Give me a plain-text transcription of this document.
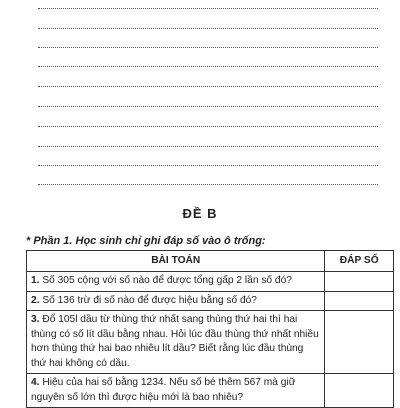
ĐỀ B
* Phần 1. Học sinh chỉ ghi đáp số vào ô trống:
BÀI TOÁN	ĐÁP SỐ
1. Số 305 cộng với số nào để được tổng gấp 2 lần số đó?	
2. Số 136 trừ đi số nào để được hiệu bằng số đó?	
3. Đổ 105l dầu từ thùng thứ nhất sang thùng thứ hai thì hai thùng có số lít dầu bằng nhau. Hỏi lúc đầu thùng thứ nhất nhiều hơn thùng thứ hai bao nhiêu lít dầu? Biết rằng lúc đầu thùng thứ hai không có dầu.	
4. Hiệu của hai số bằng 1234. Nếu số bé thêm 567 mà giữ nguyên số lớn thì được hiệu mới là bao nhiêu?	
